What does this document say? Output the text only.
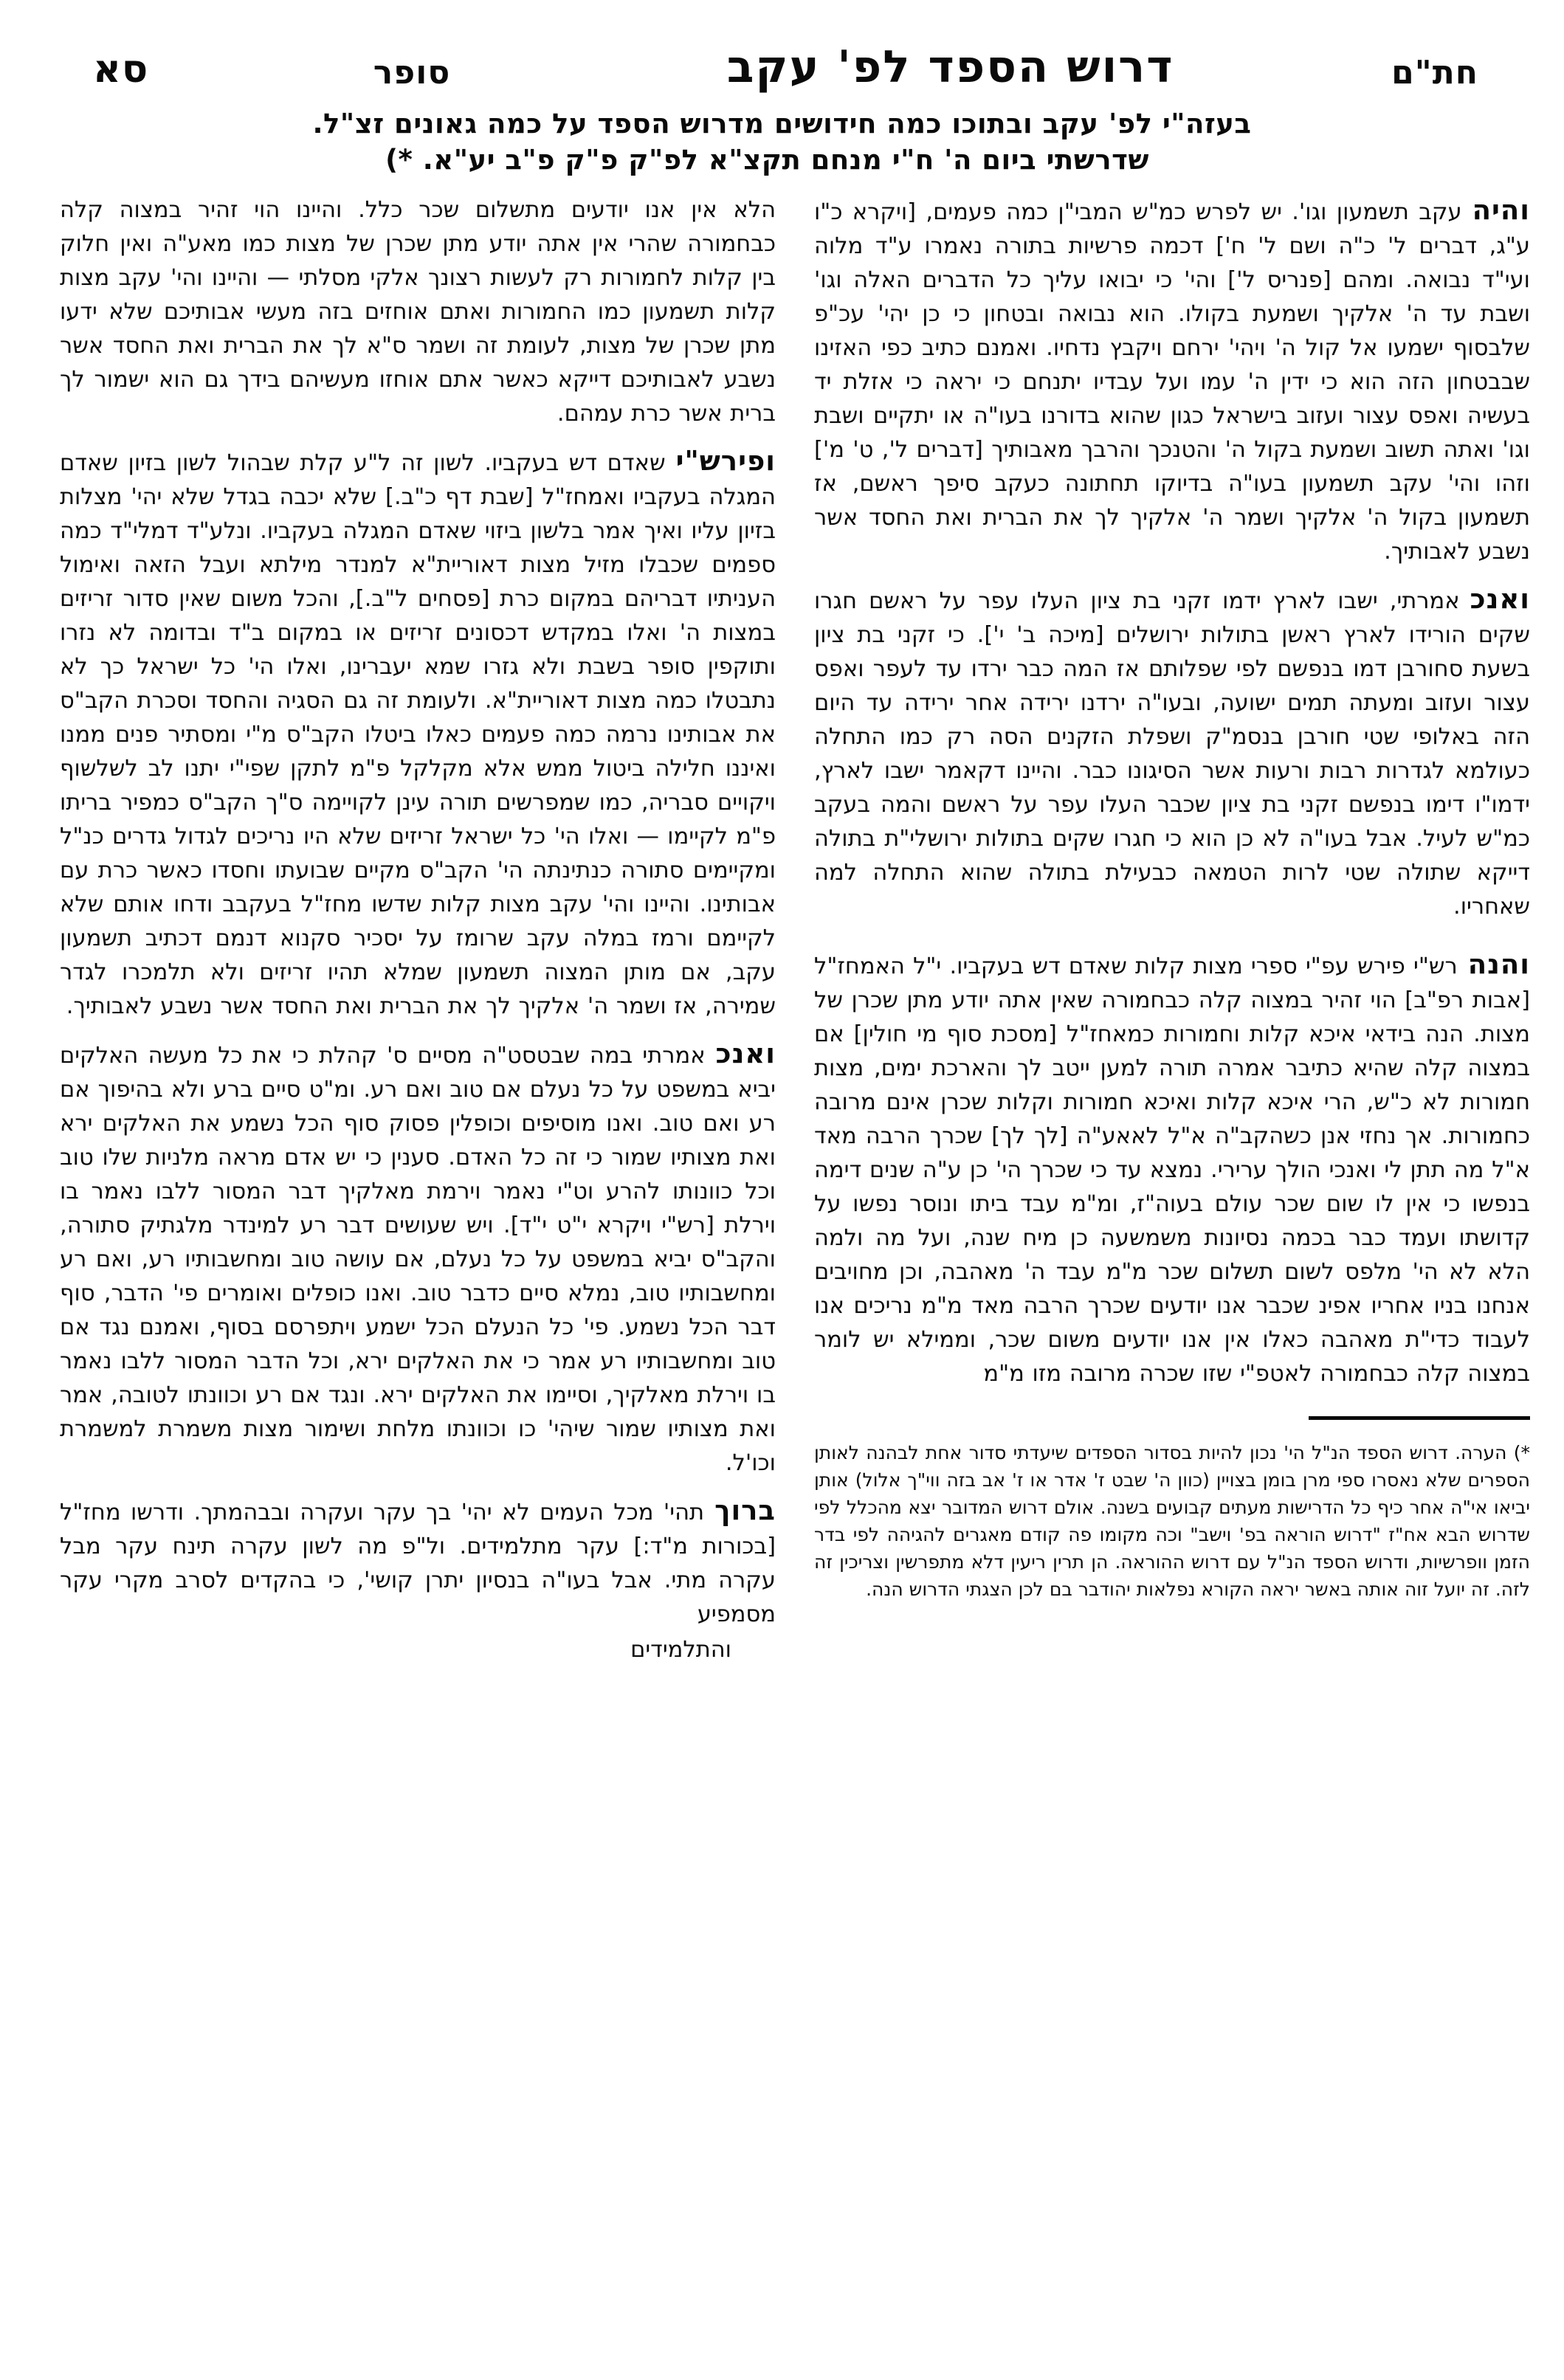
חת"ם
דרוש הספד לפ' עקב
סופר
סא
בעזה"י לפ' עקב ובתוכו כמה חידושים מדרוש הספד על כמה גאונים זצ"ל.
שדרשתי ביום ה' ח"י מנחם תקצ"א לפ"ק פ"ק פ"ב יע"א. *)

והיהעקב תשמעון וגו'. יש לפרש כמ"ש המבי"ן כמה פעמים, [ויקרא כ"ו ע"ג, דברים ל' כ"ה ושם ל' ח'] דכמה פרשיות בתורה נאמרו ע"ד מלוה ועי"ד נבואה. ומהם [פנריס ל'] והי' כי יבואו עליך כל הדברים האלה וגו' ושבת עד ה' אלקיך ושמעת בקולו. הוא נבואה ובטחון כי כן יהי' עכ"פ שלבסוף ישמעו אל קול ה' ויהי' ירחם ויקבץ נדחיו. ואמנם כתיב כפי האזינו שבבטחון הזה הוא כי ידין ה' עמו ועל עבדיו יתנחם כי יראה כי אזלת יד בעשיה ואפס עצור ועזוב בישראל כגון שהוא בדורנו בעו"ה או יתקיים ושבת וגו' ואתה תשוב ושמעת בקול ה' והטנכך והרבך מאבותיך [דברים ל', ט' מ'] וזהו והי' עקב תשמעון בעו"ה בדיוקו תחתונה כעקב סיפך ראשם, אז תשמעון בקול ה' אלקיך ושמר ה' אלקיך לך את הברית ואת החסד אשר נשבע לאבותיך.

ואנכאמרתי, ישבו לארץ ידמו זקני בת ציון העלו עפר על ראשם חגרו שקים הורידו לארץ ראשן בתולות ירושלים [מיכה ב' י']. כי זקני בת ציון בשעת סחורבן דמו בנפשם לפי שפלותם אז המה כבר ירדו עד לעפר ואפס עצור ועזוב ומעתה תמים ישועה, ובעו"ה ירדנו ירידה אחר ירידה עד היום הזה באלופי שטי חורבן בנסמ"ק ושפלת הזקנים הסה רק כמו התחלה כעולמא לגדרות רבות ורעות אשר הסיגונו כבר. והיינו דקאמר ישבו לארץ, ידמו"ו דימו בנפשם זקני בת ציון שכבר העלו עפר על ראשם והמה בעקב כמ"ש לעיל. אבל בעו"ה לא כן הוא כי חגרו שקים בתולות ירושלי"ת בתולה דייקא שתולה שטי לרות הטמאה כבעילת בתולה שהוא התחלה למה שאחריו.

והנהרש"י פירש עפ"י ספרי מצות קלות שאדם דש בעקביו. י"ל האמחז"ל [אבות רפ"ב] הוי זהיר במצוה קלה כבחמורה שאין אתה יודע מתן שכרן של מצות. הנה בידאי איכא קלות וחמורות כמאחז"ל [מסכת סוף מי חולין] אם במצוה קלה שהיא כתיבר אמרה תורה למען ייטב לך והארכת ימים, מצות חמורות לא כ"ש, הרי איכא קלות ואיכא חמורות וקלות שכרן אינם מרובה כחמורות. אך נחזי אנן כשהקב"ה א"ל לאאע"ה [לך לך] שכרך הרבה מאד א"ל מה תתן לי ואנכי הולך ערירי. נמצא עד כי שכרך הי' כן ע"ה שנים דימה בנפשו כי אין לו שום שכר עולם בעוה"ז, ומ"מ עבד ביתו ונוסר נפשו על קדושתו ועמד כבר בכמה נסיונות משמשעה כן מיח שנה, ועל מה ולמה הלא לא הי' מלפס לשום תשלום שכר מ"מ עבד ה' מאהבה, וכן מחויבים אנחנו בניו אחריו אפינ שכבר אנו יודעים שכרך הרבה מאד מ"מ נריכים אנו לעבוד כדי"ת מאהבה כאלו אין אנו יודעים משום שכר, וממילא יש לומר במצוה קלה כבחמורה לאטפ"י שזו שכרה מרובה מזו מ"מ

*) הערה. דרוש הספד הנ"ל הי' נכון להיות בסדור הספדים שיעדתי סדור אחת לבהנה לאותן הספרים שלא נאסרו ספי מרן בומן בצויין (כוון ה' שבט ז' אדר או ז' אב בזה ווי"ך אלול) אותן יביאו אי"ה אחר כיף כל הדרישות מעתים קבועים בשנה. אולם דרוש המדובר יצא מהכלל לפי שדרוש הבא אח"ז "דרוש הוראה בפ' וישב" וכה מקומו פה קודם מאגרים להגיהה לפי בדר הזמן וופרשיות, ודרוש הספד הנ"ל עם דרוש ההוראה. הן תרין ריעין דלא מתפרשין וצריכין זה לזה. זה יועל זוה אותה באשר יראה הקורא נפלאות יהודבר בם לכן הצגתי הדרוש הנה.

הלא אין אנו יודעים מתשלום שכר כלל. והיינו הוי זהיר במצוה קלה כבחמורה שהרי אין אתה יודע מתן שכרן של מצות כמו מאע"ה ואין חלוק בין קלות לחמורות רק לעשות רצונך אלקי מסלתי — והיינו והי' עקב מצות קלות תשמעון כמו החמורות ואתם אוחזים בזה מעשי אבותיכם שלא ידעו מתן שכרן של מצות, לעומת זה ושמר ס"א לך את הברית ואת החסד אשר נשבע לאבותיכם דייקא כאשר אתם אוחזו מעשיהם בידך גם הוא ישמור לך ברית אשר כרת עמהם.

ופירש"ישאדם דש בעקביו. לשון זה ל"ע קלת שבהול לשון בזיון שאדם המגלה בעקביו ואמחז"ל [שבת דף כ"ב.] שלא יכבה בגדל שלא יהי' מצלות בזיון עליו ואיך אמר בלשון ביזוי שאדם המגלה בעקביו. ונלע"ד דמלי"ד כמה ספמים שכבלו מזיל מצות דאוריית"א למנדר מילתא ועבל הזאה ואימול העניתיו דבריהם במקום כרת [פסחים ל"ב.], והכל משום שאין סדור זריזים במצות ה' ואלו במקדש דכסונים זריזים או במקום ב"ד ובדומה לא נזרו ותוקפין סופר בשבת ולא גזרו שמא יעברינו, ואלו הי' כל ישראל כך לא נתבטלו כמה מצות דאוריית"א. ולעומת זה גם הסגיה והחסד וסכרת הקב"ס את אבותינו נרמה כמה פעמים כאלו ביטלו הקב"ס מ"י ומסתיר פנים ממנו ואיננו חלילה ביטול ממש אלא מקלקל פ"מ לתקן שפי"י יתנו לב לשלשוף ויקויים סבריה, כמו שמפרשים תורה עינן לקויימה ס"ך הקב"ס כמפיר בריתו פ"מ לקיימו — ואלו הי' כל ישראל זריזים שלא היו נריכים לגדול גדרים כנ"ל ומקיימים סתורה כנתינתה הי' הקב"ס מקיים שבועתו וחסדו כאשר כרת עם אבותינו. והיינו והי' עקב מצות קלות שדשו מחז"ל בעקבב ודחו אותם שלא לקיימם ורמז במלה עקב שרומז על יסכיר סקנוא דנמם דכתיב תשמעון עקב, אם מותן המצוה תשמעון שמלא תהיו זריזים ולא תלמכרו לגדר שמירה, אז ושמר ה' אלקיך לך את הברית ואת החסד אשר נשבע לאבותיך.

ואנכאמרתי במה שבטסט"ה מסיים ס' קהלת כי את כל מעשה האלקים יביא במשפט על כל נעלם אם טוב ואם רע. ומ"ט סיים ברע ולא בהיפוך אם רע ואם טוב. ואנו מוסיפים וכופלין פסוק סוף הכל נשמע את האלקים ירא ואת מצותיו שמור כי זה כל האדם. סענין כי יש אדם מראה מלניות שלו טוב וכל כוונותו להרע וט"י נאמר וירמת מאלקיך דבר המסור ללבו נאמר בו וירלת [רש"י ויקרא י"ט י"ד]. ויש שעושים דבר רע למינדר מלגתיק סתורה, והקב"ס יביא במשפט על כל נעלם, אם עושה טוב ומחשבותיו רע, ואם רע ומחשבותיו טוב, נמלא סיים כדבר טוב. ואנו כופלים ואומרים פי' הדבר, סוף דבר הכל נשמע. פי' כל הנעלם הכל ישמע ויתפרסם בסוף, ואמנם נגד אם טוב ומחשבותיו רע אמר כי את האלקים ירא, וכל הדבר המסור ללבו נאמר בו וירלת מאלקיך, וסיימו את האלקים ירא. ונגד אם רע וכוונתו לטובה, אמר ואת מצותיו שמור שיהי' כו וכוונתו מלחת ושימור מצות משמרת למשמרת וכו'ל.

ברוךתהי' מכל העמים לא יהי' בך עקר ועקרה ובבהמתך. ודרשו מחז"ל [בכורות מ"ד:] עקר מתלמידים. ול"פ מה לשון עקרה תינח עקר מבל עקרה מתי. אבל בעו"ה בנסיון יתרן קושי', כי בהקדים לסרב מקרי עקר מסמפיע

והתלמידים
